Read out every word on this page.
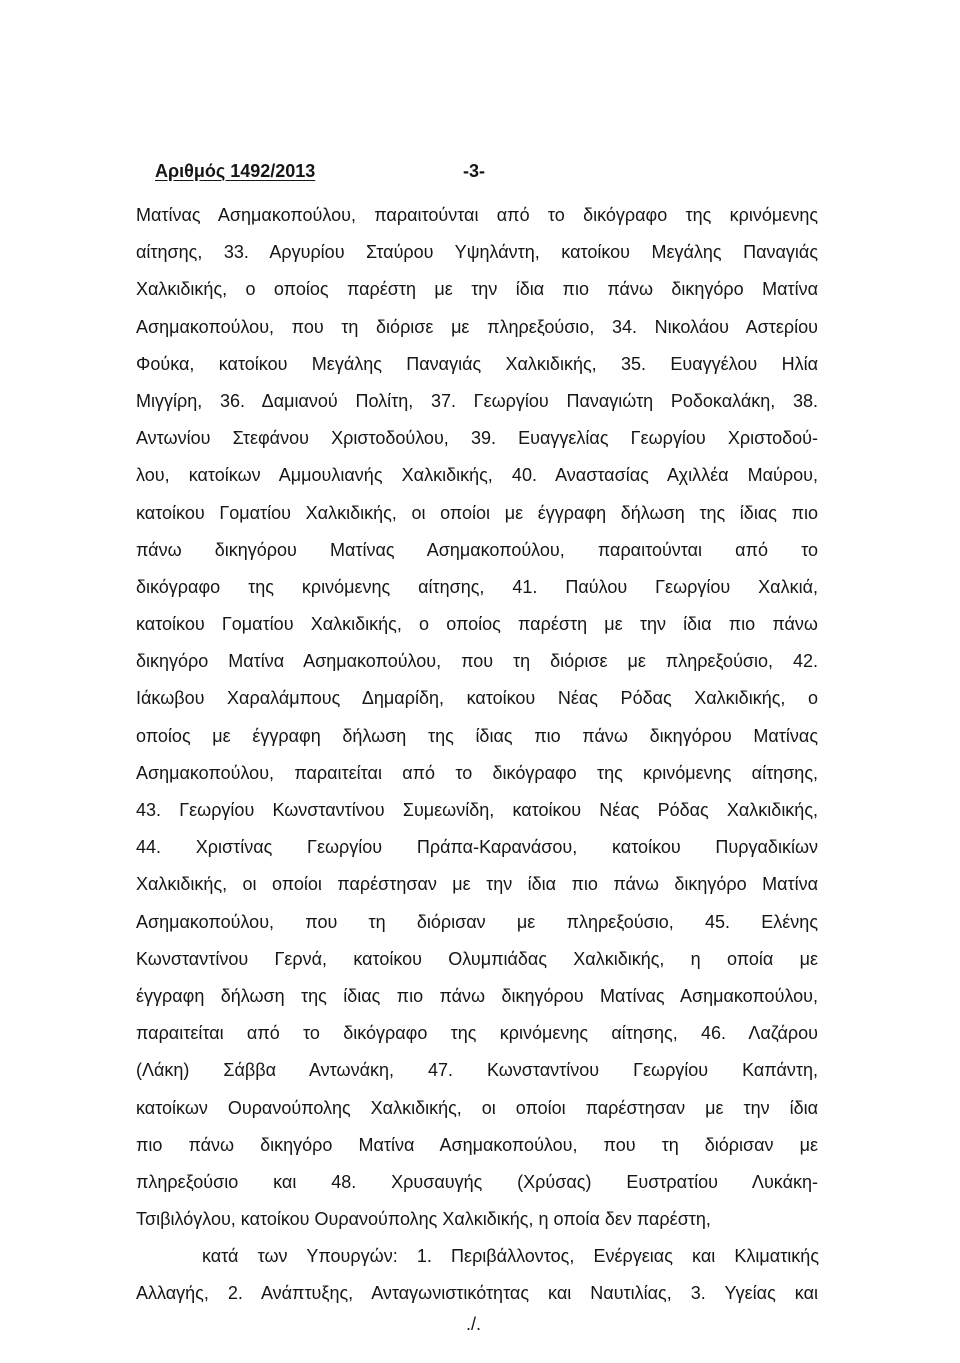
Αριθμός 1492/2013	-3-
Ματίνας Ασημακοπούλου, παραιτούνται από το δικόγραφο της κρινόμενης
αίτησης, 33. Αργυρίου Σταύρου Υψηλάντη, κατοίκου Μεγάλης Παναγιάς
Χαλκιδικής, ο οποίος παρέστη με την ίδια πιο πάνω δικηγόρο Ματίνα
Ασημακοπούλου, που τη διόρισε με πληρεξούσιο, 34. Νικολάου Αστερίου
Φούκα, κατοίκου Μεγάλης Παναγιάς Χαλκιδικής, 35. Ευαγγέλου Ηλία
Μιγγίρη, 36. Δαμιανού Πολίτη, 37. Γεωργίου Παναγιώτη Ροδοκαλάκη, 38.
Αντωνίου Στεφάνου Χριστοδούλου, 39. Ευαγγελίας Γεωργίου Χριστοδού-
λου, κατοίκων Αμμουλιανής Χαλκιδικής, 40. Αναστασίας Αχιλλέα Μαύρου,
κατοίκου Γοματίου Χαλκιδικής, οι οποίοι με έγγραφη δήλωση της ίδιας πιο
πάνω δικηγόρου Ματίνας Ασημακοπούλου, παραιτούνται από το
δικόγραφο της κρινόμενης αίτησης, 41. Παύλου Γεωργίου Χαλκιά,
κατοίκου Γοματίου Χαλκιδικής, ο οποίος παρέστη με την ίδια πιο πάνω
δικηγόρο Ματίνα Ασημακοπούλου, που τη διόρισε με πληρεξούσιο, 42.
Ιάκωβου Χαραλάμπους Δημαρίδη, κατοίκου Νέας Ρόδας Χαλκιδικής, ο
οποίος με έγγραφη δήλωση της ίδιας πιο πάνω δικηγόρου Ματίνας
Ασημακοπούλου, παραιτείται από το δικόγραφο της κρινόμενης αίτησης,
43. Γεωργίου Κωνσταντίνου Συμεωνίδη, κατοίκου Νέας Ρόδας Χαλκιδικής,
44. Χριστίνας Γεωργίου Πράπα-Καρανάσου, κατοίκου Πυργαδικίων
Χαλκιδικής, οι οποίοι παρέστησαν με την ίδια πιο πάνω δικηγόρο Ματίνα
Ασημακοπούλου, που τη διόρισαν με πληρεξούσιο, 45. Ελένης
Κωνσταντίνου Γερνά, κατοίκου Ολυμπιάδας Χαλκιδικής, η οποία με
έγγραφη δήλωση της ίδιας πιο πάνω δικηγόρου Ματίνας Ασημακοπούλου,
παραιτείται από το δικόγραφο της κρινόμενης αίτησης, 46. Λαζάρου
(Λάκη) Σάββα Αντωνάκη, 47. Κωνσταντίνου Γεωργίου Καπάντη,
κατοίκων Ουρανούπολης Χαλκιδικής, οι οποίοι παρέστησαν με την ίδια
πιο πάνω δικηγόρο Ματίνα Ασημακοπούλου, που τη διόρισαν με
πληρεξούσιο και 48. Χρυσαυγής (Χρύσας) Ευστρατίου Λυκάκη-
Τσιβιλόγλου, κατοίκου Ουρανούπολης Χαλκιδικής, η οποία δεν παρέστη,
κατά των Υπουργών: 1. Περιβάλλοντος, Ενέργειας και Κλιματικής
Αλλαγής, 2. Ανάπτυξης, Ανταγωνιστικότητας και Ναυτιλίας, 3. Υγείας και
./.
